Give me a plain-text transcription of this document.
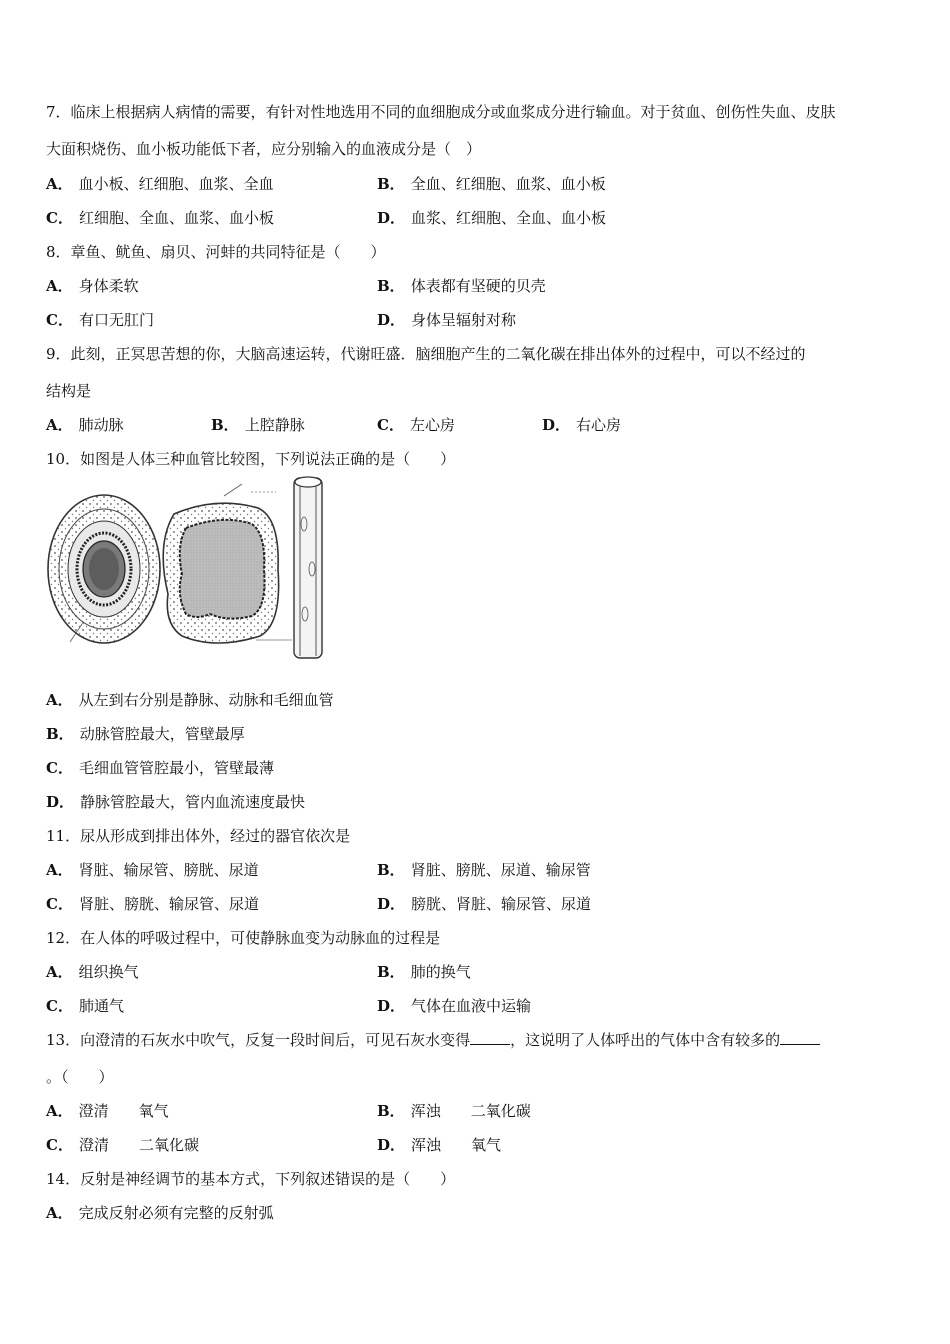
7．临床上根据病人病情的需要，有针对性地选用不同的血细胞成分或血浆成分进行输血。对于贫血、创伤性失血、皮肤
大面积烧伤、血小板功能低下者，应分别输入的血液成分是（　）
A． 血小板、红细胞、血浆、全血	B． 全血、红细胞、血浆、血小板
C． 红细胞、全血、血浆、血小板	D． 血浆、红细胞、全血、血小板
8．章鱼、鱿鱼、扇贝、河蚌的共同特征是（　　）
A． 身体柔软	B． 体表都有坚硬的贝壳
C． 有口无肛门	D． 身体呈辐射对称
9．此刻，正冥思苦想的你，大脑高速运转，代谢旺盛．脑细胞产生的二氧化碳在排出体外的过程中，可以不经过的
结构是
A． 肺动脉	B． 上腔静脉	C． 左心房	D． 右心房
10．如图是人体三种血管比较图，下列说法正确的是（　　）
A． 从左到右分别是静脉、动脉和毛细血管
B． 动脉管腔最大，管壁最厚
C． 毛细血管管腔最小，管壁最薄
D． 静脉管腔最大，管内血流速度最快
11．尿从形成到排出体外，经过的器官依次是
A． 肾脏、输尿管、膀胱、尿道	B． 肾脏、膀胱、尿道、输尿管
C． 肾脏、膀胱、输尿管、尿道	D． 膀胱、肾脏、输尿管、尿道
12．在人体的呼吸过程中，可使静脉血变为动脉血的过程是
A． 组织换气	B． 肺的换气
C． 肺通气	D． 气体在血液中运输
13．向澄清的石灰水中吹气，反复一段时间后，可见石灰水变得	，这说明了人体呼出的气体中含有较多的
。（　　）
A． 澄清　　氧气	B． 浑浊　　二氧化碳
C． 澄清　　二氧化碳	D． 浑浊　　氧气
14．反射是神经调节的基本方式，下列叙述错误的是（　　）
A． 完成反射必须有完整的反射弧
